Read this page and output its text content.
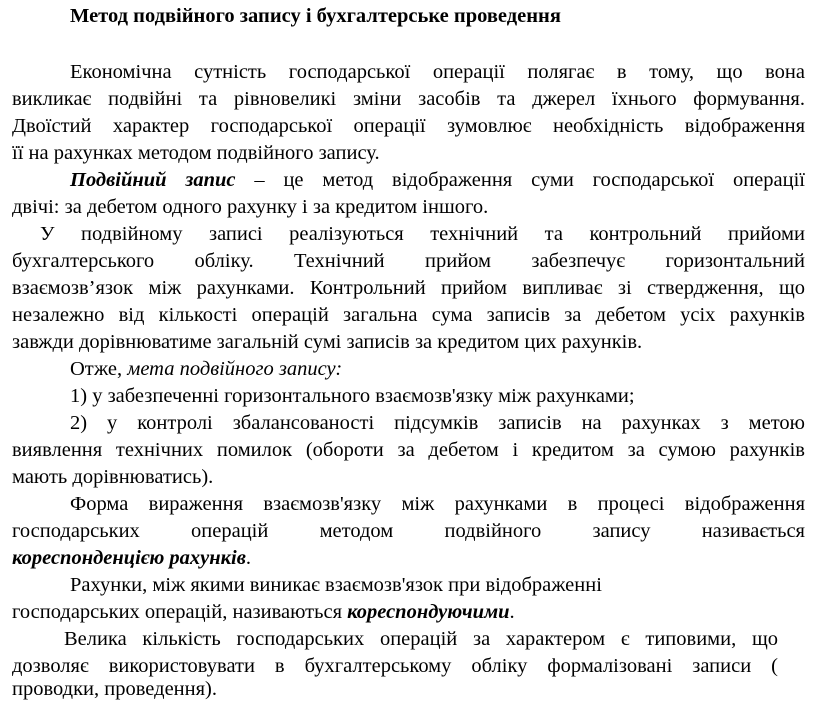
Метод подвійного запису і бухгалтерське проведення
Економічна сутність господарської операції полягає в тому, що вона
викликає подвійні та рівновеликі зміни засобів та джерел їхнього формування.
Двоїстий характер господарської операції зумовлює необхідність відображення
її на рахунках методом подвійного запису.
Подвійний запис – це метод відображення суми господарської операції
двічі: за дебетом одного рахунку і за кредитом іншого.
У подвійному записі реалізуються технічний та контрольний прийоми
бухгалтерського обліку. Технічний прийом забезпечує горизонтальний
взаємозв’язок між рахунками. Контрольний прийом випливає зі ствердження, що
незалежно від кількості операцій загальна сума записів за дебетом усіх рахунків
завжди дорівнюватиме загальній сумі записів за кредитом цих рахунків.
Отже, мета подвійного запису:
1) у забезпеченні горизонтального взаємозв'язку між рахунками;
2) у контролі збалансованості підсумків записів на рахунках з метою
виявлення технічних помилок (обороти за дебетом і кредитом за сумою рахунків
мають дорівнюватись).
Форма вираження взаємозв'язку між рахунками в процесі відображення
господарських операцій методом подвійного запису називається
кореспонденцією рахунків.
Рахунки, між якими виникає взаємозв'язок при відображенні
господарських операцій, називаються кореспондуючими.
Велика кількість господарських операцій за характером є типовими, що
дозволяє використовувати в бухгалтерському обліку формалізовані записи (
проводки, проведення).
